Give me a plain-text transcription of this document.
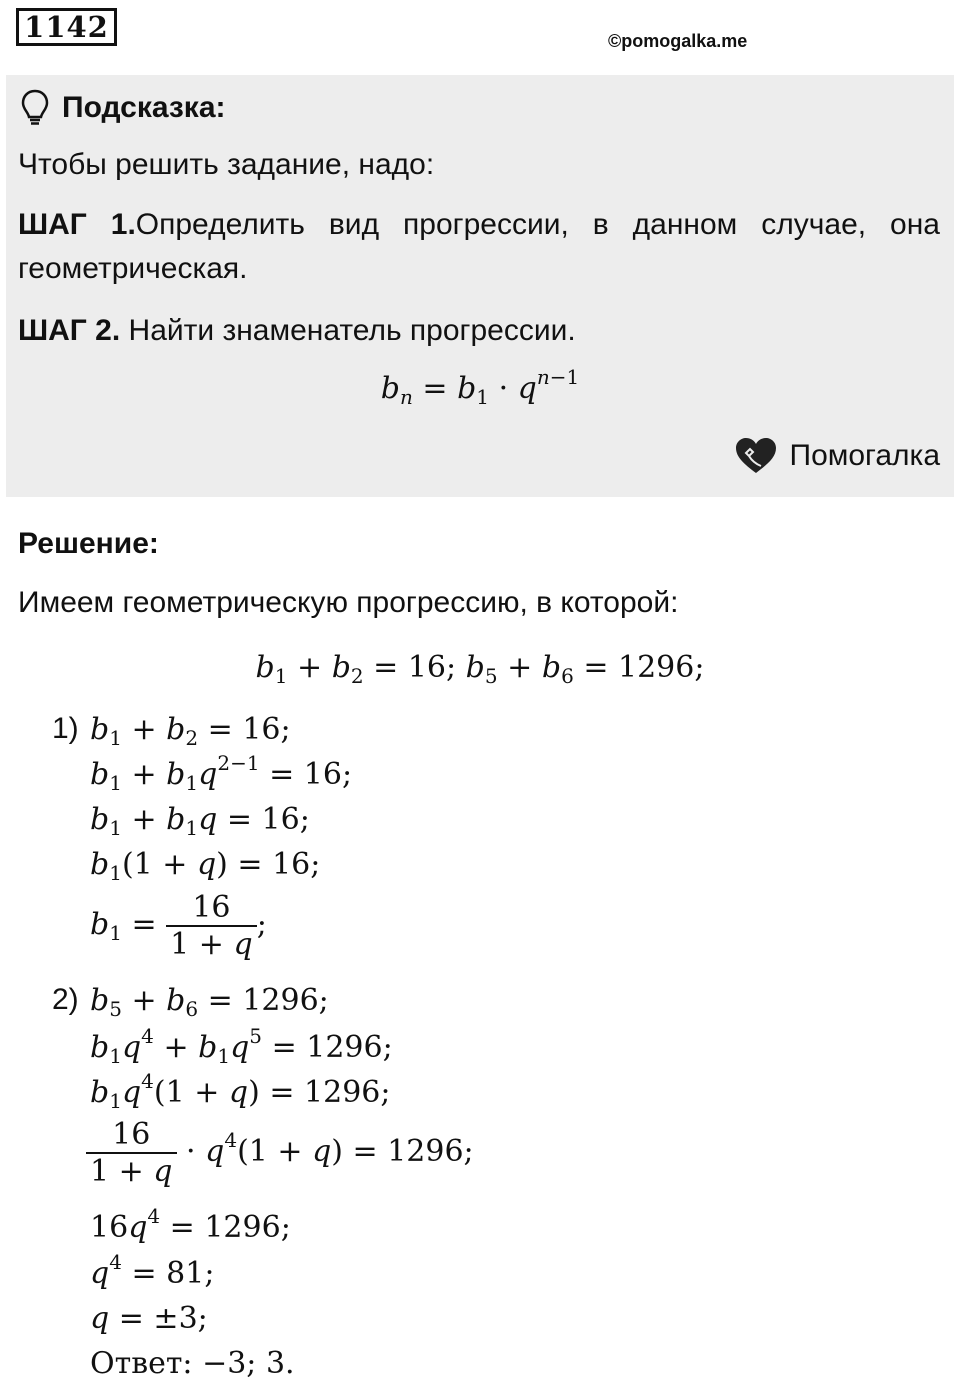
1142	©pomogalka.me
Подсказка:
Чтобы решить задание, надо:
ШАГ 1.Определить вид прогрессии, в данном случае, она геометрическая.
ШАГ 2. Найти знаменатель прогрессии.
$b_n = b_1 \cdot q^{n-1}$
Помогалка
Решение:
Имеем геометрическую прогрессию, в которой:
$b_1 + b_2 = 16$; $b_5 + b_6 = 1296$;
1) $b_1 + b_2 = 16$;
$b_1 + b_1q^{2-1} = 16$;
$b_1 + b_1q = 16$;
$b_1(1 + q) = 16$;
$b_1 = \frac{16}{1 + q}$ ;
2) $b_5 + b_6 = 1296$;
$b_1q^4 + b_1q^5 = 1296$;
$b_1q^4(1 + q) = 1296$;
$\frac{16}{1 + q} \cdot q^4(1 + q) = 1296$;
$16q^4 = 1296$;
$q^4 = 81$;
q = ±3;
Ответ: −3; 3.
